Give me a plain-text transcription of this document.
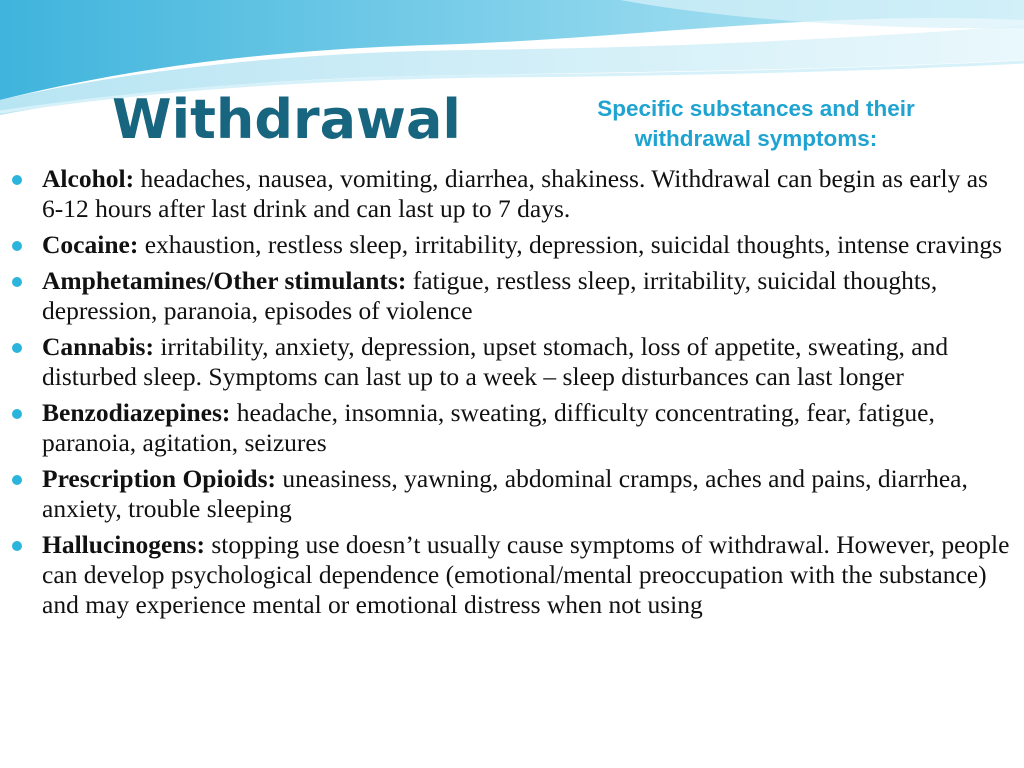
Withdrawal	Specific substances and their withdrawal symptoms:

Alcohol: headaches, nausea, vomiting, diarrhea, shakiness. Withdrawal can begin as early as 6-12 hours after last drink and can last up to 7 days.
Cocaine: exhaustion, restless sleep, irritability, depression, suicidal thoughts, intense cravings
Amphetamines/Other stimulants: fatigue, restless sleep, irritability, suicidal thoughts, depression, paranoia, episodes of violence
Cannabis: irritability, anxiety, depression, upset stomach, loss of appetite, sweating, and disturbed sleep. Symptoms can last up to a week – sleep disturbances can last longer
Benzodiazepines: headache, insomnia, sweating, difficulty concentrating, fear, fatigue, paranoia, agitation, seizures
Prescription Opioids: uneasiness, yawning, abdominal cramps, aches and pains, diarrhea, anxiety, trouble sleeping
Hallucinogens: stopping use doesn’t usually cause symptoms of withdrawal. However, people can develop psychological dependence (emotional/mental preoccupation with the substance) and may experience mental or emotional distress when not using
